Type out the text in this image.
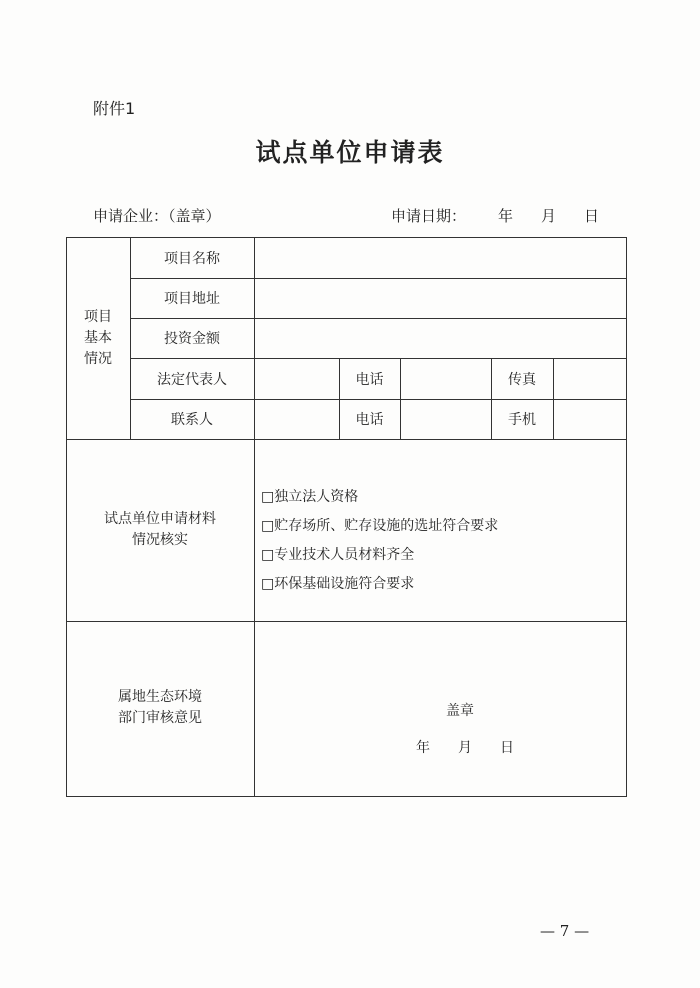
附件1
试点单位申请表
申请企业：（盖章）	申请日期： 年 月 日
项目
基本
情况
项目名称
项目地址
投资金额
法定代表人
联系人
电话
电话
传真
手机
试点单位申请材料
情况核实
□独立法人资格
□贮存场所、贮存设施的选址符合要求
□专业技术人员材料齐全
□环保基础设施符合要求
属地生态环境
部门审核意见	盖章
年　　月　　日
— 7 —
